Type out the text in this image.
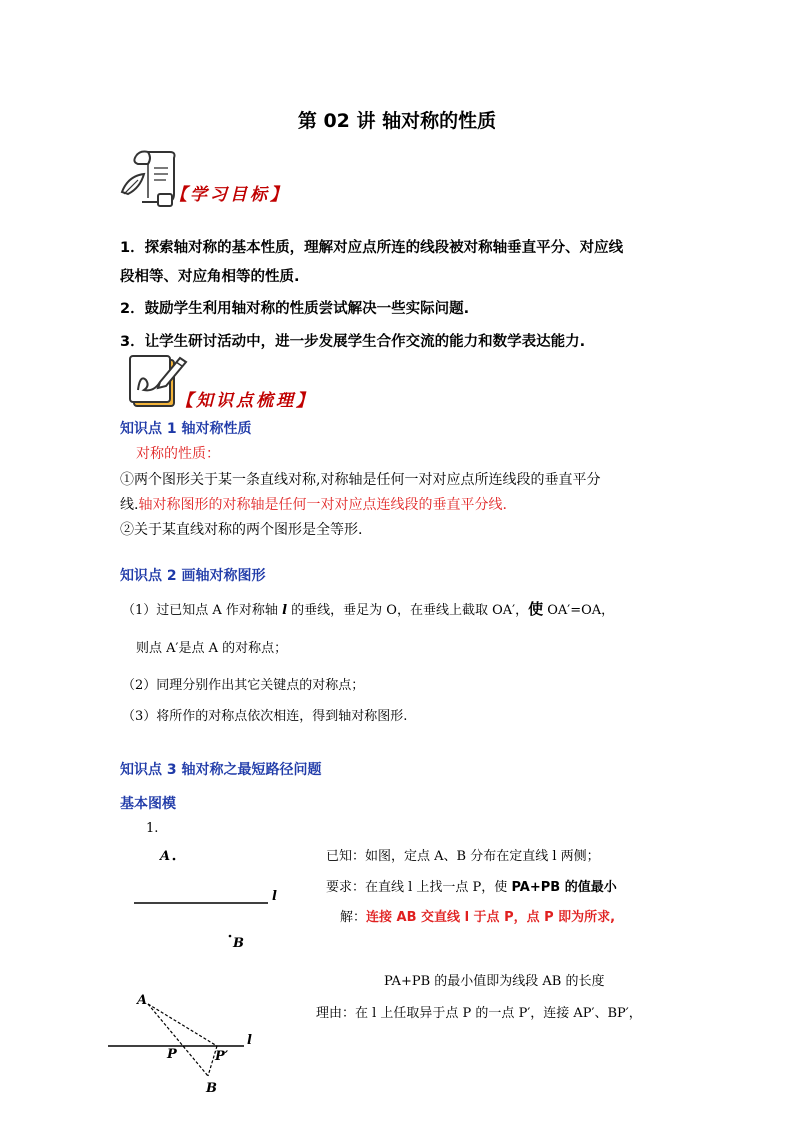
第 02 讲 轴对称的性质
【学习目标】
1．探索轴对称的基本性质，理解对应点所连的线段被对称轴垂直平分、对应线
段相等、对应角相等的性质.
2．鼓励学生利用轴对称的性质尝试解决一些实际问题.
3．让学生研讨活动中，进一步发展学生合作交流的能力和数学表达能力.
【知识点梳理】
知识点 1 轴对称性质
对称的性质：
①两个图形关于某一条直线对称,对称轴是任何一对对应点所连线段的垂直平分
线.轴对称图形的对称轴是任何一对对应点连线段的垂直平分线.
②关于某直线对称的两个图形是全等形.
知识点 2 画轴对称图形
（1）过已知点 A 作对称轴 l 的垂线，垂足为 O，在垂线上截取 OA′，使 OA′=OA，
则点 A′是点 A 的对称点；
（2）同理分别作出其它关键点的对称点；
（3）将所作的对称点依次相连，得到轴对称图形.
知识点 3 轴对称之最短路径问题
基本图模
1.
已知：如图，定点 A、B 分布在定直线 l 两侧；
要求：在直线 l 上找一点 P，使 PA+PB 的值最小
解：连接 AB 交直线 l 于点 P，点 P 即为所求,
PA+PB 的最小值即为线段 AB 的长度
理由：在 l 上任取异于点 P 的一点 P′，连接 AP′、BP′，
A
l
B
l
A
P	P′
B
